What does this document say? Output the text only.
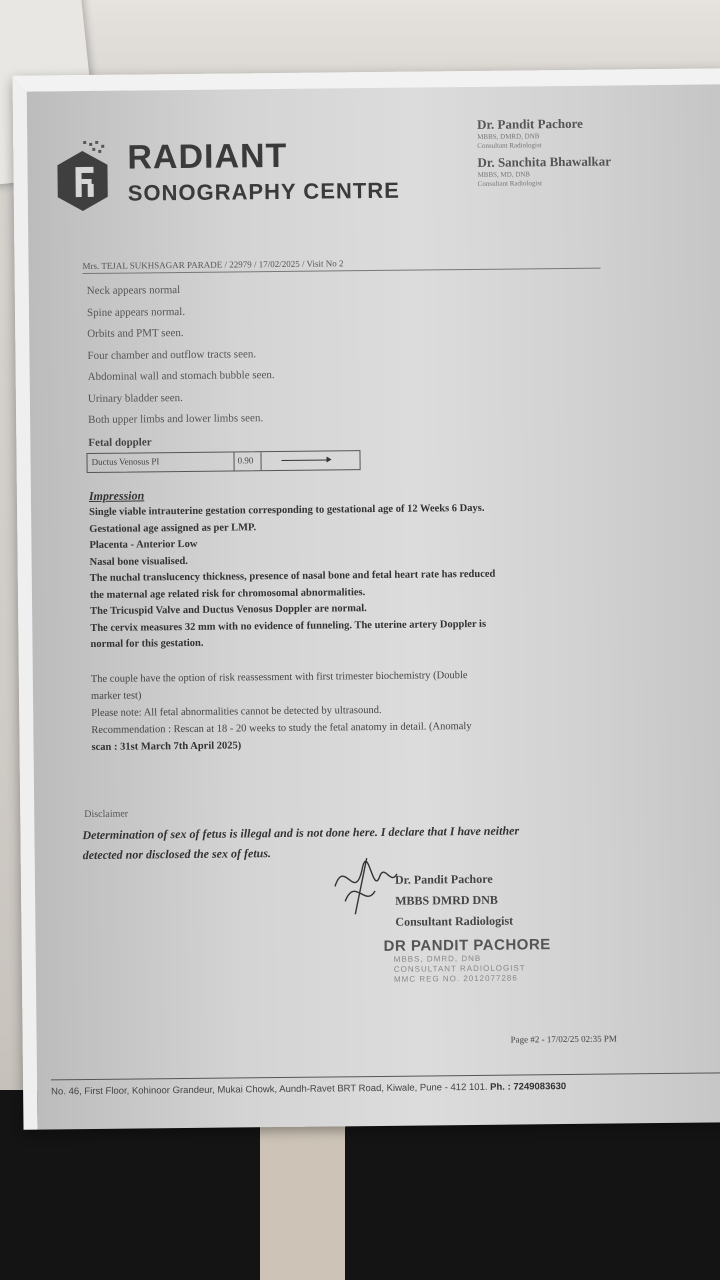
RADIANT
SONOGRAPHY CENTRE
Dr. Pandit Pachore
MBBS, DMRD, DNB
Consultant Radiologist
Dr. Sanchita Bhawalkar
MBBS, MD, DNB
Consultant Radiologist
Mrs. TEJAL SUKHSAGAR PARADE / 22979 / 17/02/2025 / Visit No 2
Neck appears normal
Spine appears normal.
Orbits and PMT seen.
Four chamber and outflow tracts seen.
Abdominal wall and stomach bubble seen.
Urinary bladder seen.
Both upper limbs and lower limbs seen.
Fetal doppler
Ductus Venosus PI	0.90
Impression
Single viable intrauterine gestation corresponding to gestational age of 12 Weeks 6 Days.
Gestational age assigned as per LMP.
Placenta - Anterior Low
Nasal bone visualised.
The nuchal translucency thickness, presence of nasal bone and fetal heart rate has reduced
the maternal age related risk for chromosomal abnormalities.
The Tricuspid Valve and Ductus Venosus Doppler are normal.
The cervix measures 32 mm with no evidence of funneling. The uterine artery Doppler is
normal for this gestation.
The couple have the option of risk reassessment with first trimester biochemistry (Double
marker test)
Please note: All fetal abnormalities cannot be detected by ultrasound.
Recommendation : Rescan at 18 - 20 weeks to study the fetal anatomy in detail. (Anomaly
scan : 31st March 7th April 2025)
Disclaimer
Determination of sex of fetus is illegal and is not done here. I declare that I have neither
detected nor disclosed the sex of fetus.
Dr. Pandit Pachore
MBBS DMRD DNB
Consultant Radiologist
DR PANDIT PACHORE
MBBS, DMRD, DNB
CONSULTANT RADIOLOGIST
MMC REG NO. 2012077286
Page #2 - 17/02/25 02:35 PM
No. 46, First Floor, Kohinoor Grandeur, Mukai Chowk, Aundh-Ravet BRT Road, Kiwale, Pune - 412 101. Ph. : 7249083630
